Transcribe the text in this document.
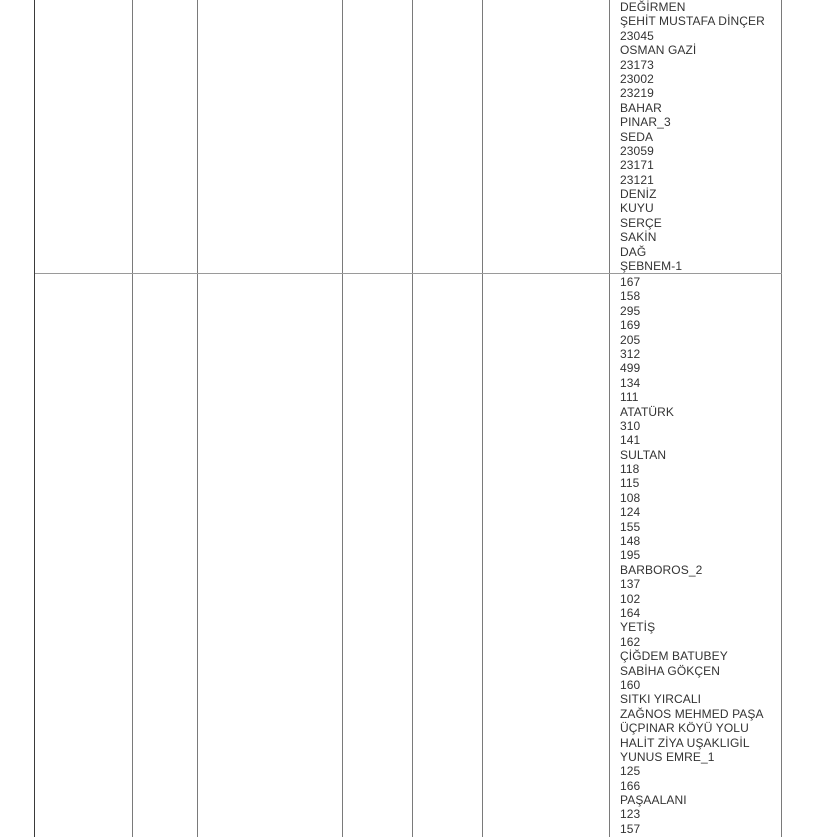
DEĞİRMEN
ŞEHİT MUSTAFA DİNÇER
23045
OSMAN GAZİ
23173
23002
23219
BAHAR
PINAR_3
SEDA
23059
23171
23121
DENİZ
KUYU
SERÇE
SAKİN
DAĞ
ŞEBNEM-1
167
158
295
169
205
312
499
134
111
ATATÜRK
310
141
SULTAN
118
115
108
124
155
148
195
BARBOROS_2
137
102
164
YETİŞ
162
ÇİĞDEM BATUBEY
SABİHA GÖKÇEN
160
SITKI YIRCALI
ZAĞNOS MEHMED PAŞA
ÜÇPINAR KÖYÜ YOLU
HALİT ZİYA UŞAKLIGİL
YUNUS EMRE_1
125
166
PAŞAALANI
123
157
